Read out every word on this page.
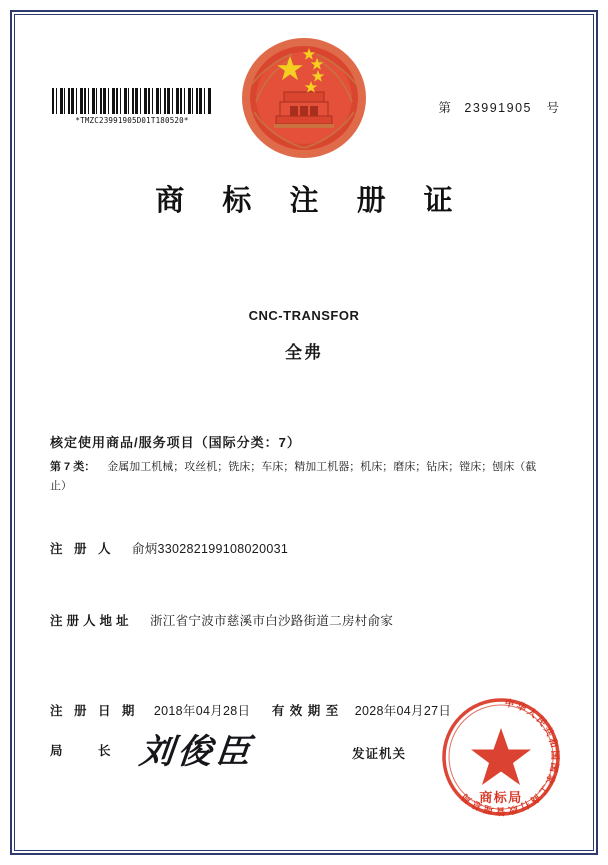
*TMZC23991905D01T180520*
第 23991905 号
商 标 注 册 证
CNC-TRANSFOR
全弗
核定使用商品/服务项目（国际分类：7）
第 7 类： 金属加工机械；攻丝机；铣床；车床；精加工机器；机床；磨床；钻床；镗床；刨床（截止）
注 册 人 俞炳330282199108020031
注册人地址 浙江省宁波市慈溪市白沙路街道二房村俞家
注 册 日 期 2018年04月28日 有 效 期 至 2028年04月27日
局 　 长 刘俊臣	发证机关
中华人民共和国国家工商行政管理总局 商标局
